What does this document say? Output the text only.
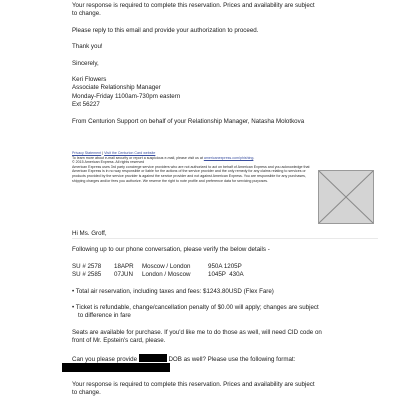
Your response is required to complete this reservation. Prices and availability are subject

to change.

Please reply to this email and provide your authorization to proceed.

Thank you!

Sincerely,

Keri Flowers

Associate Relationship Manager

Monday-Friday 1100am-730pm eastern

Ext 56227

From Centurion Support on behalf of your Relationship Manager, Natasha Molotkova

Privacy Statement | Visit the Centurion Card website
To learn more about e-mail security or report a suspicious e-mail, please visit us at americanexpress.com/phishing.
© 2015 American Express. All rights reserved
American Express uses 3rd party concierge service providers who are not authorized to act on behalf of American Express and you acknowledge that American Express is in no way responsible or liable for the actions of the service provider and the only remedy for any claims relating to services or products provided by the service provider is against the service provider and not against American Express. You are responsible for any purchases, shipping charges and/or fees you authorize. We reserve the right to note profile and preference data for servicing purposes.

Hi Ms. Groff,

Following up to our phone conversation, please verify the below details -

SU # 2578	18APR	Moscow / London	950A 1205P
SU # 2585	07JUN	London / Moscow	1045P  430A

• Total air reservation, including taxes and fees: $1243.80USD (Flex Fare)

• Ticket is refundable, change/cancellation penalty of $0.00 will apply; changes are subject

to difference in fare

Seats are available for purchase. If you'd like me to do those as well, will need CID code on

front of Mr. Epstein's card, please.

Can you please provide	DOB as well? Please use the following format:

Your response is required to complete this reservation. Prices and availability are subject

to change.
